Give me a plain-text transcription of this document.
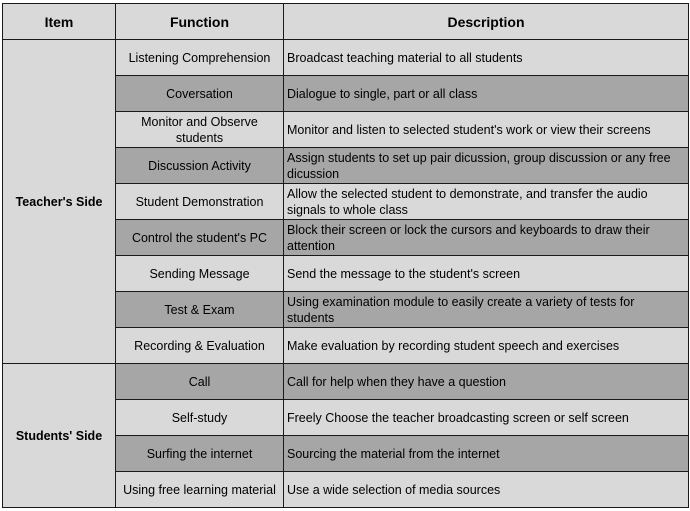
Item	Function	Description
Teacher's Side	Listening Comprehension	Broadcast teaching material to all students
	Coversation	Dialogue to single, part or all class
	Monitor and Observe students	Monitor and listen to selected student's work or view their screens
	Discussion Activity	Assign students to set up pair dicussion, group discussion or any free dicussion
	Student Demonstration	Allow the selected student to demonstrate, and transfer the audio signals to whole class
	Control the student's PC	Block their screen or lock the cursors and keyboards to draw their attention
	Sending Message	Send the message to the student's screen
	Test & Exam	Using examination module to easily create a variety of tests for students
	Recording & Evaluation	Make evaluation by recording student speech and exercises
Students' Side	Call	Call for help when they have a question
	Self-study	Freely Choose the teacher broadcasting screen or self screen
	Surfing the internet	Sourcing the material from the internet
	Using free learning material	Use a wide selection of media sources
